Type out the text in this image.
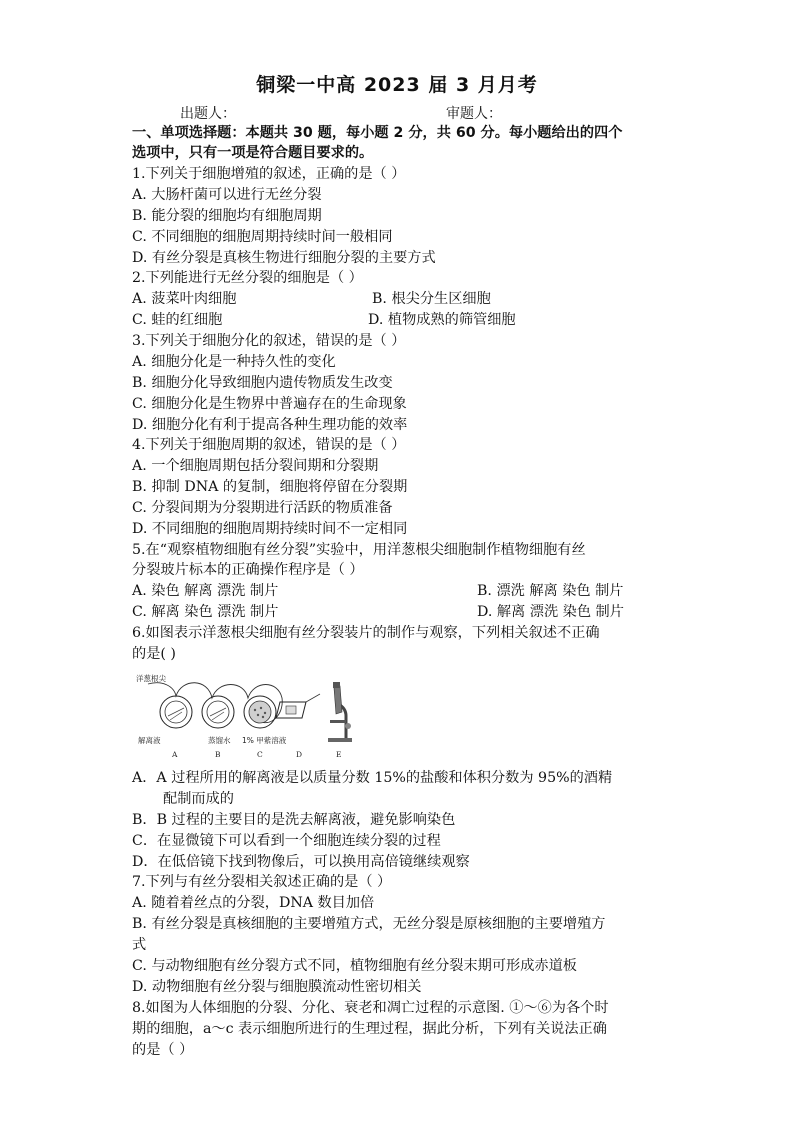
铜梁一中高 2023 届 3 月月考
出题人：	审题人：
一、单项选择题：本题共 30 题，每小题 2 分，共 60 分。每小题给出的四个
选项中，只有一项是符合题目要求的。
1.下列关于细胞增殖的叙述，正确的是（ ）
A. 大肠杆菌可以进行无丝分裂
B. 能分裂的细胞均有细胞周期
C. 不同细胞的细胞周期持续时间一般相同
D. 有丝分裂是真核生物进行细胞分裂的主要方式
2.下列能进行无丝分裂的细胞是（ ）
A. 菠菜叶肉细胞	B. 根尖分生区细胞
C. 蛙的红细胞	D. 植物成熟的筛管细胞
3.下列关于细胞分化的叙述，错误的是（ ）
A. 细胞分化是一种持久性的变化
B. 细胞分化导致细胞内遗传物质发生改变
C. 细胞分化是生物界中普遍存在的生命现象
D. 细胞分化有利于提高各种生理功能的效率
4.下列关于细胞周期的叙述，错误的是（ ）
A. 一个细胞周期包括分裂间期和分裂期
B. 抑制 DNA 的复制，细胞将停留在分裂期
C. 分裂间期为分裂期进行活跃的物质准备
D. 不同细胞的细胞周期持续时间不一定相同
5.在“观察植物细胞有丝分裂”实验中，用洋葱根尖细胞制作植物细胞有丝
分裂玻片标本的正确操作程序是（ ）
A. 染色 解离 漂洗 制片	B. 漂洗 解离 染色 制片
C. 解离 染色 漂洗 制片	D. 解离 漂洗 染色 制片
6.如图表示洋葱根尖细胞有丝分裂装片的制作与观察，下列相关叙述不正确
的是( )
洋葱根尖
解离液	蒸馏水 1% 甲紫溶液
A	B	C	D	E
A．A 过程所用的解离液是以质量分数 15%的盐酸和体积分数为 95%的酒精
配制而成的
B．B 过程的主要目的是洗去解离液，避免影响染色
C．在显微镜下可以看到一个细胞连续分裂的过程
D．在低倍镜下找到物像后，可以换用高倍镜继续观察
7.下列与有丝分裂相关叙述正确的是（ ）
A. 随着着丝点的分裂，DNA 数目加倍
B. 有丝分裂是真核细胞的主要增殖方式，无丝分裂是原核细胞的主要增殖方
式
C. 与动物细胞有丝分裂方式不同，植物细胞有丝分裂末期可形成赤道板
D. 动物细胞有丝分裂与细胞膜流动性密切相关
8.如图为人体细胞的分裂、分化、衰老和凋亡过程的示意图. ①～⑥为各个时
期的细胞，a～c 表示细胞所进行的生理过程，据此分析，下列有关说法正确
的是（ ）
